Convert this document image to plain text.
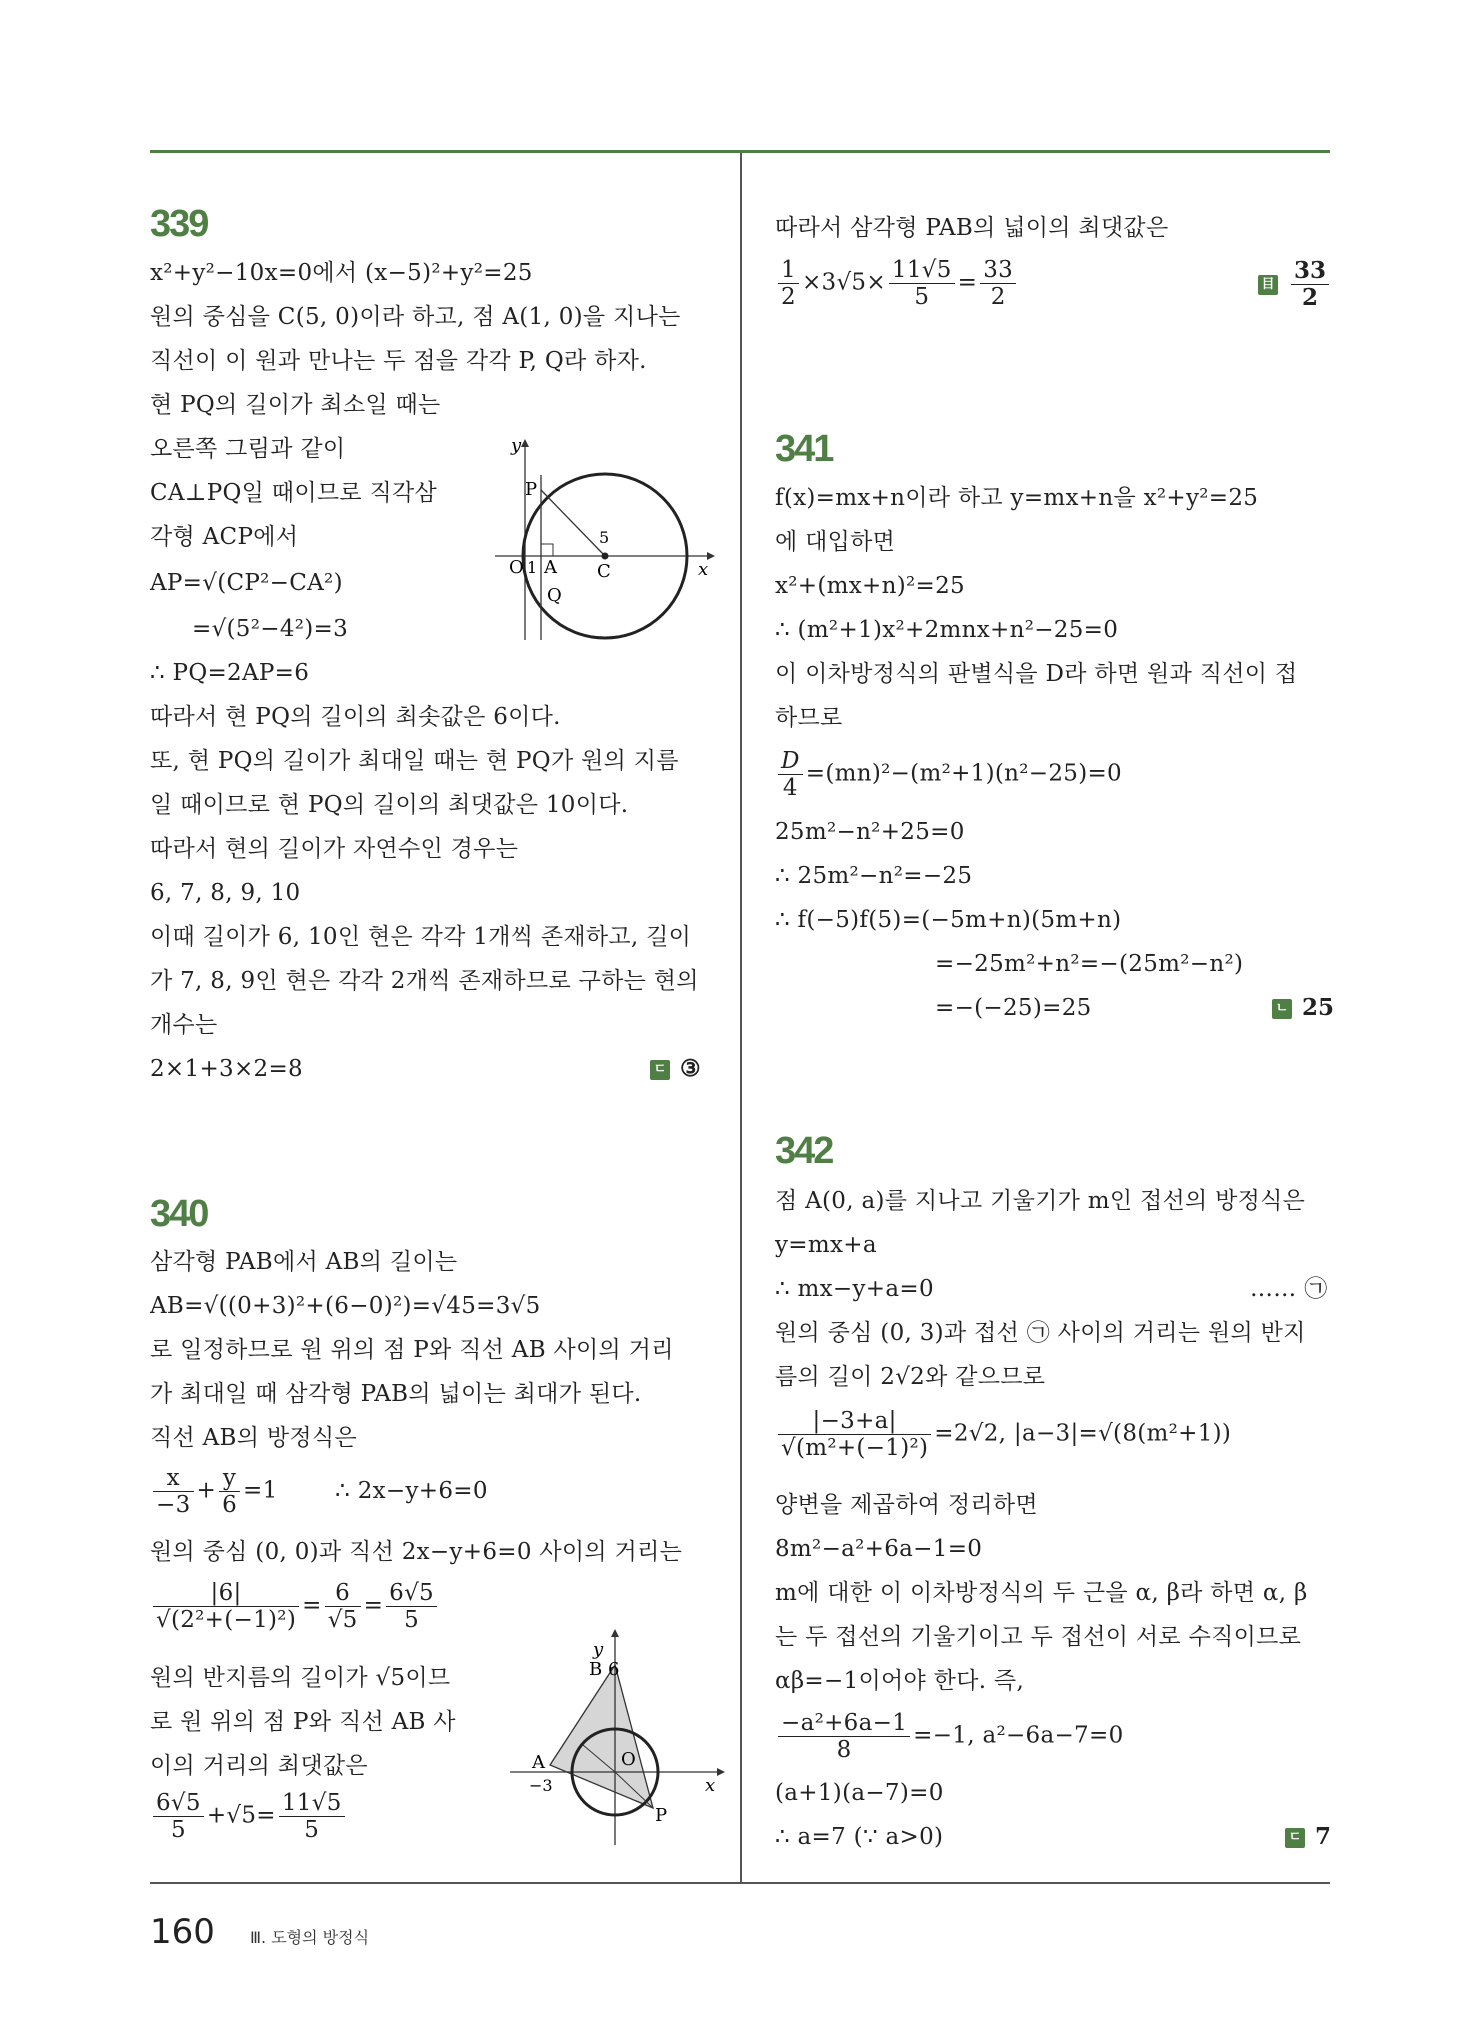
339
x²+y²−10x=0에서 (x−5)²+y²=25
원의 중심을 C(5, 0)이라 하고, 점 A(1, 0)을 지나는
직선이 이 원과 만나는 두 점을 각각 P, Q라 하자.
현 PQ의 길이가 최소일 때는
오른쪽 그림과 같이
CA⊥PQ일 때이므로 직각삼
각형 ACP에서
AP=√(CP²−CA²)
=√(5²−4²)=3
∴ PQ=2AP=6
따라서 현 PQ의 길이의 최솟값은 6이다.
또, 현 PQ의 길이가 최대일 때는 현 PQ가 원의 지름
일 때이므로 현 PQ의 길이의 최댓값은 10이다.
따라서 현의 길이가 자연수인 경우는
6, 7, 8, 9, 10
이때 길이가 6, 10인 현은 각각 1개씩 존재하고, 길이
가 7, 8, 9인 현은 각각 2개씩 존재하므로 구하는 현의
개수는
2×1+3×2=8	ㄷ ③
y
x
O 1 A C
P
Q
5
340
삼각형 PAB에서 AB의 길이는
AB=√((0+3)²+(6−0)²)=√45=3√5
로 일정하므로 원 위의 점 P와 직선 AB 사이의 거리
가 최대일 때 삼각형 PAB의 넓이는 최대가 된다.
직선 AB의 방정식은
$\frac{x}{-3} + \frac{y}{6} =1$	∴ 2x−y+6=0
원의 중심 (0, 0)과 직선 2x−y+6=0 사이의 거리는
$\frac{|6|}{\text{√(2²+(−1)²)}} = \frac{6}{√5} = \frac{6√5}{5}$
원의 반지름의 길이가 √5이므
로 원 위의 점 P와 직선 AB 사
이의 거리의 최댓값은
$\frac{6√5}{5} +√5= \frac{11√5}{5}$
y
x
B 6
A
−3
O
P
따라서 삼각형 PAB의 넓이의 최댓값은
$\frac{1}{2} \times 3√5\times \frac{11√5}{5} = \frac{33}{2}$	目 $\frac{33}{2}$
341
f(x)=mx+n이라 하고 y=mx+n을 x²+y²=25
에 대입하면
x²+(mx+n)²=25
∴ (m²+1)x²+2mnx+n²−25=0
이 이차방정식의 판별식을 D라 하면 원과 직선이 접
하므로
$\frac{D}{4} =(mn)^2-(m^2+1)(n^2-25)=0$
25m²−n²+25=0
∴ 25m²−n²=−25
∴ f(−5)f(5)=(−5m+n)(5m+n)
=−25m²+n²=−(25m²−n²)
=−(−25)=25	ㄴ 25
342
점 A(0, a)를 지나고 기울기가 m인 접선의 방정식은
y=mx+a
∴ mx−y+a=0	…… ㉠
원의 중심 (0, 3)과 접선 ㉠ 사이의 거리는 원의 반지
름의 길이 2√2와 같으므로
$\frac{|-3+a|}{\text{√(m²+(−1)²)}} =2√2$, |a−3|=√(8(m²+1))
양변을 제곱하여 정리하면
8m²−a²+6a−1=0
m에 대한 이 이차방정식의 두 근을 α, β라 하면 α, β
는 두 접선의 기울기이고 두 접선이 서로 수직이므로
αβ=−1이어야 한다. 즉,
$\frac{\text{−a²+6a−1}}{8} =-1$, a²−6a−7=0
(a+1)(a−7)=0
∴ a=7 (∵ a>0)	ㄷ 7
160 Ⅲ. 도형의 방정식
